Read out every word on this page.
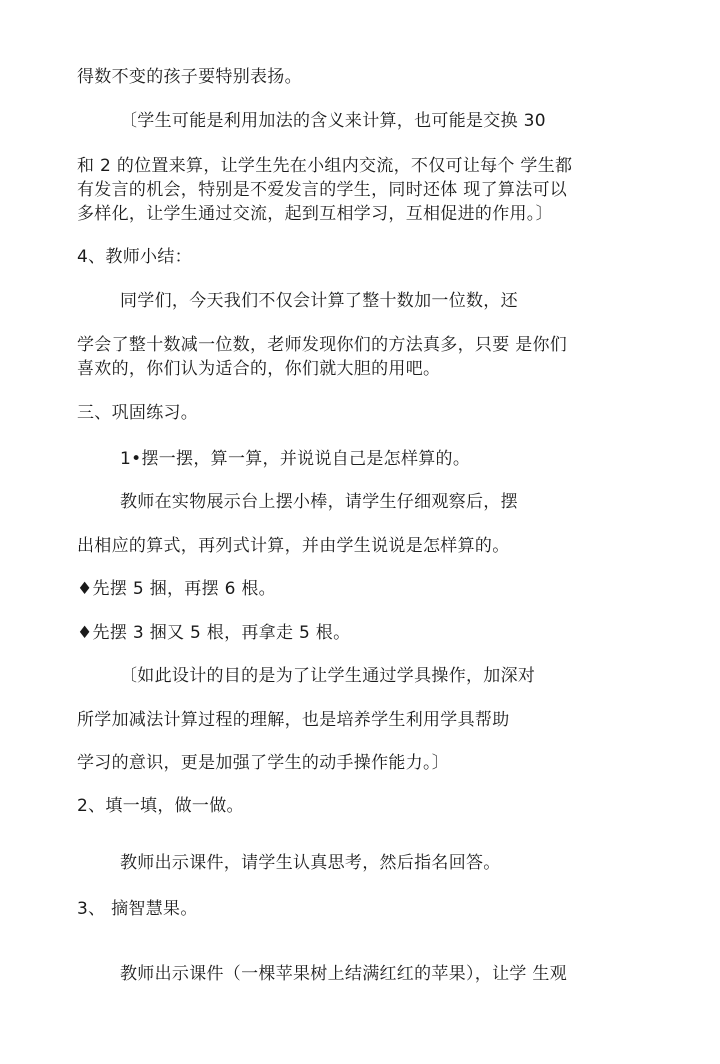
得数不变的孩子要特别表扬。
〔学生可能是利用加法的含义来计算，也可能是交换 30
和 2 的位置来算，让学生先在小组内交流，不仅可让每个 学生都
有发言的机会，特别是不爱发言的学生，同时还体 现了算法可以
多样化，让学生通过交流，起到互相学习，互相促进的作用。〕
4、教师小结：
同学们，今天我们不仅会计算了整十数加一位数，还
学会了整十数减一位数，老师发现你们的方法真多，只要 是你们
喜欢的，你们认为适合的，你们就大胆的用吧。
三、巩固练习。
1•摆一摆，算一算，并说说自己是怎样算的。
教师在实物展示台上摆小棒，请学生仔细观察后，摆
出相应的算式，再列式计算，并由学生说说是怎样算的。
♦先摆 5 捆，再摆 6 根。
♦先摆 3 捆又 5 根，再拿走 5 根。
〔如此设计的目的是为了让学生通过学具操作，加深对
所学加减法计算过程的理解，也是培养学生利用学具帮助
学习的意识，更是加强了学生的动手操作能力。〕
2、填一填，做一做。
教师出示课件，请学生认真思考，然后指名回答。
3、 摘智慧果。
教师出示课件（一棵苹果树上结满红红的苹果），让学 生观
